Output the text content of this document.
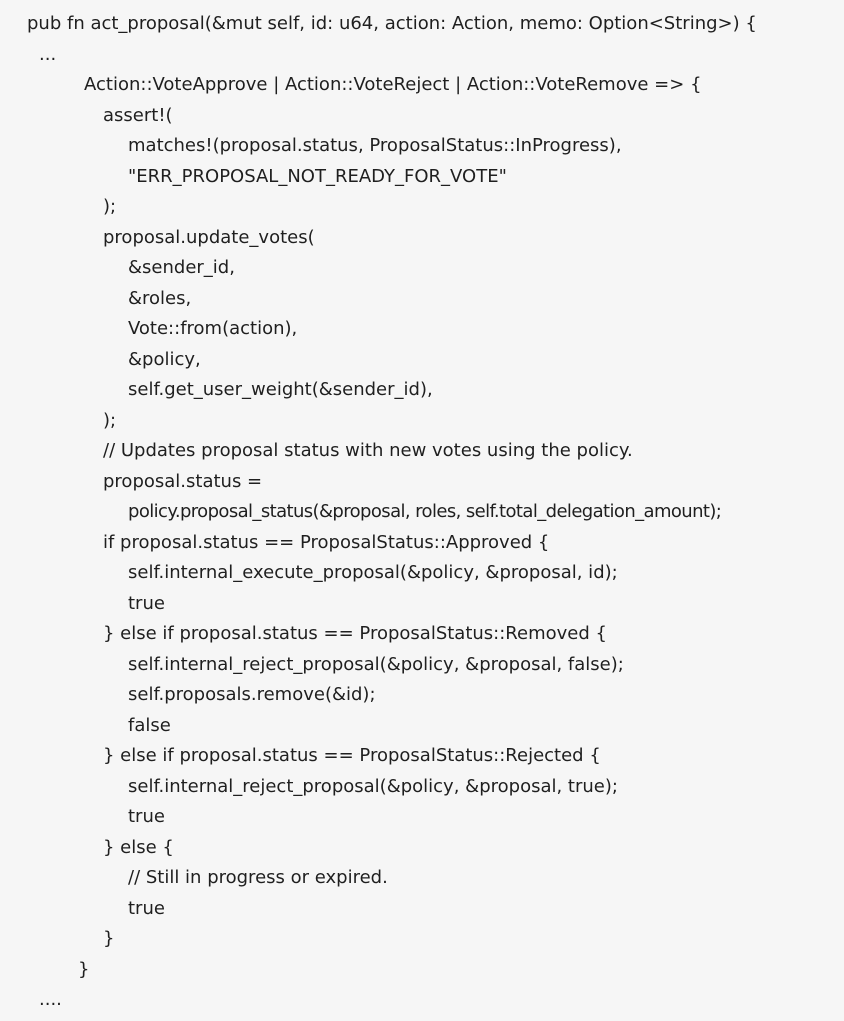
pub fn act_proposal(&mut self, id: u64, action: Action, memo: Option<String>) {
...
Action::VoteApprove | Action::VoteReject | Action::VoteRemove => {
assert!(
matches!(proposal.status, ProposalStatus::InProgress),
"ERR_PROPOSAL_NOT_READY_FOR_VOTE"
);
proposal.update_votes(
&sender_id,
&roles,
Vote::from(action),
&policy,
self.get_user_weight(&sender_id),
);
// Updates proposal status with new votes using the policy.
proposal.status =
policy.proposal_status(&proposal, roles, self.total_delegation_amount);
if proposal.status == ProposalStatus::Approved {
self.internal_execute_proposal(&policy, &proposal, id);
true
} else if proposal.status == ProposalStatus::Removed {
self.internal_reject_proposal(&policy, &proposal, false);
self.proposals.remove(&id);
false
} else if proposal.status == ProposalStatus::Rejected {
self.internal_reject_proposal(&policy, &proposal, true);
true
} else {
// Still in progress or expired.
true
}
}
....
